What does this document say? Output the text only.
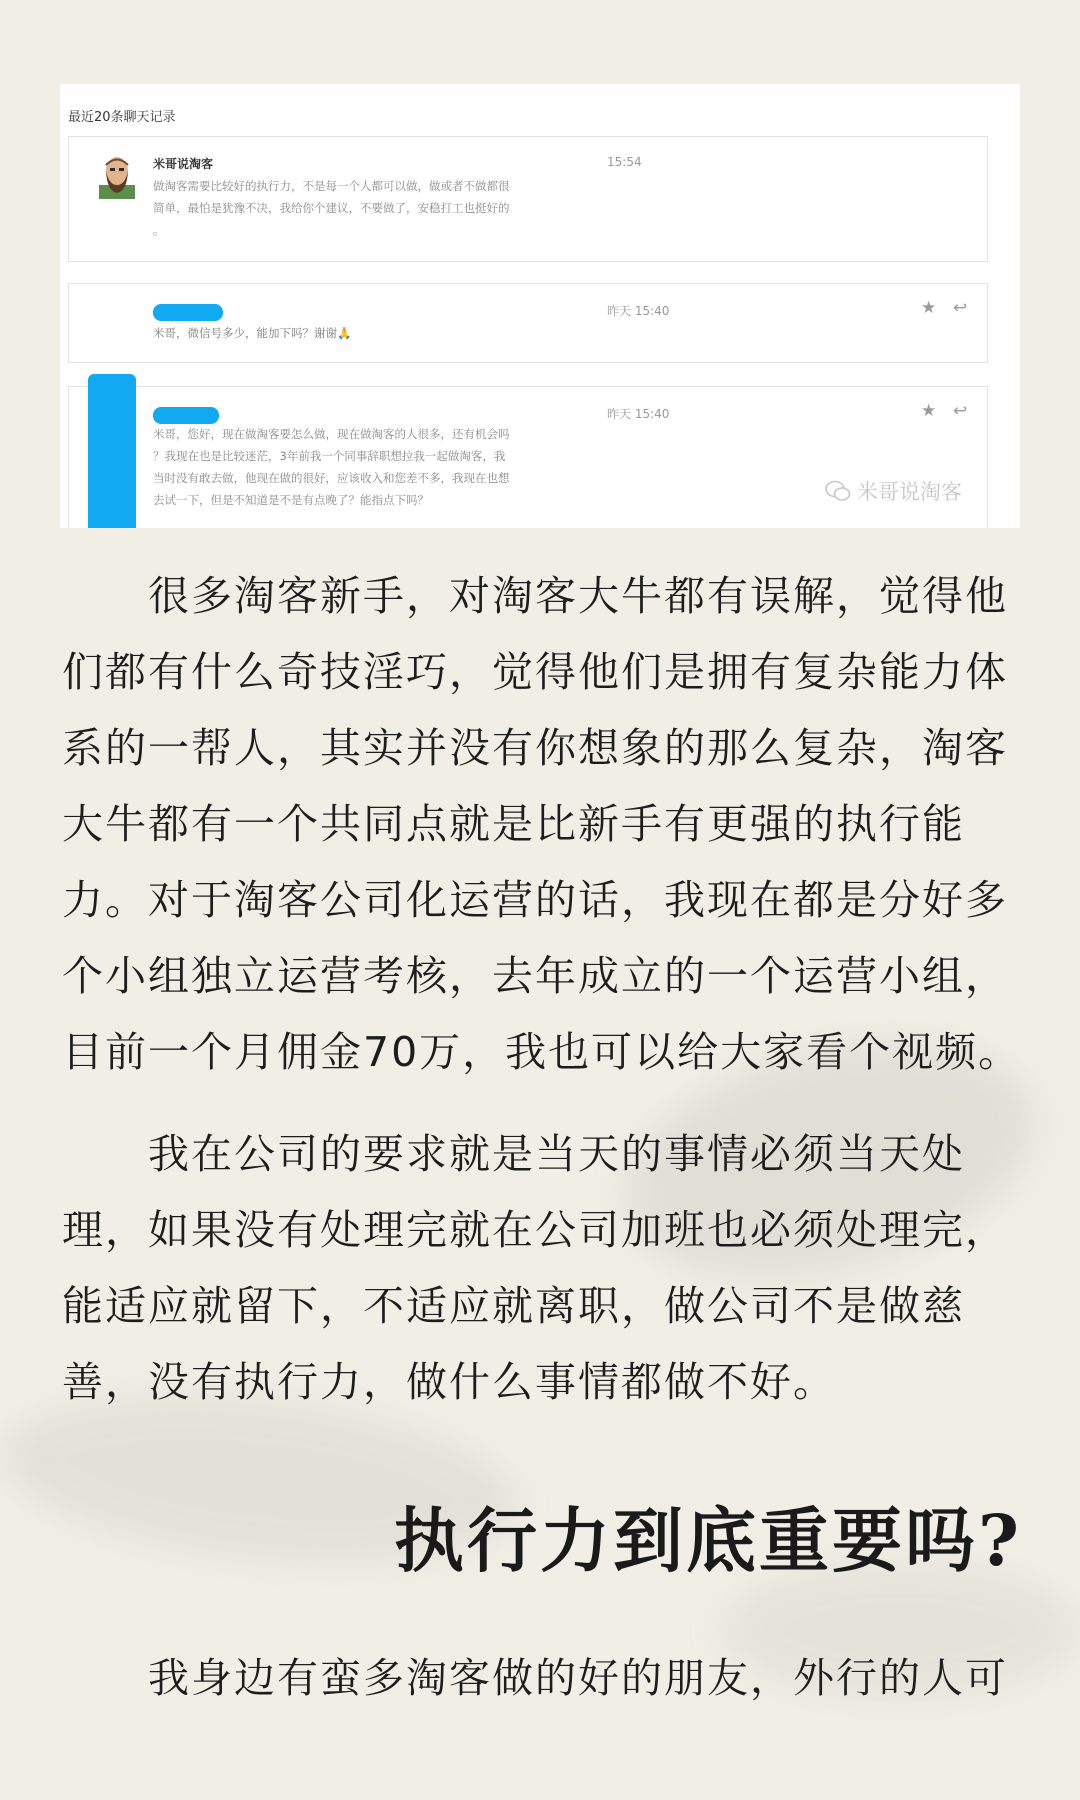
最近20条聊天记录
米哥说淘客	15:54
做淘客需要比较好的执行力，不是每一个人都可以做，做或者不做都很
简单，最怕是犹豫不决，我给你个建议，不要做了，安稳打工也挺好的
。
昨天 15:40
米哥，微信号多少，能加下吗？谢谢🙏
★ ↩
昨天 15:40
米哥，您好，现在做淘客要怎么做，现在做淘客的人很多，还有机会吗
？我现在也是比较迷茫，3年前我一个同事辞职想拉我一起做淘客，我
当时没有敢去做，他现在做的很好，应该收入和您差不多，我现在也想
去试一下，但是不知道是不是有点晚了？能指点下吗？
★ ↩
米哥说淘客

很多淘客新手，对淘客大牛都有误解，觉得他们都有什么奇技淫巧，觉得他们是拥有复杂能力体系的一帮人，其实并没有你想象的那么复杂，淘客大牛都有一个共同点就是比新手有更强的执行能力。对于淘客公司化运营的话，我现在都是分好多个小组独立运营考核，去年成立的一个运营小组，目前一个月佣金70万，我也可以给大家看个视频。

我在公司的要求就是当天的事情必须当天处理，如果没有处理完就在公司加班也必须处理完，能适应就留下，不适应就离职，做公司不是做慈善，没有执行力，做什么事情都做不好。

执行力到底重要吗?

我身边有蛮多淘客做的好的朋友，外行的人可
